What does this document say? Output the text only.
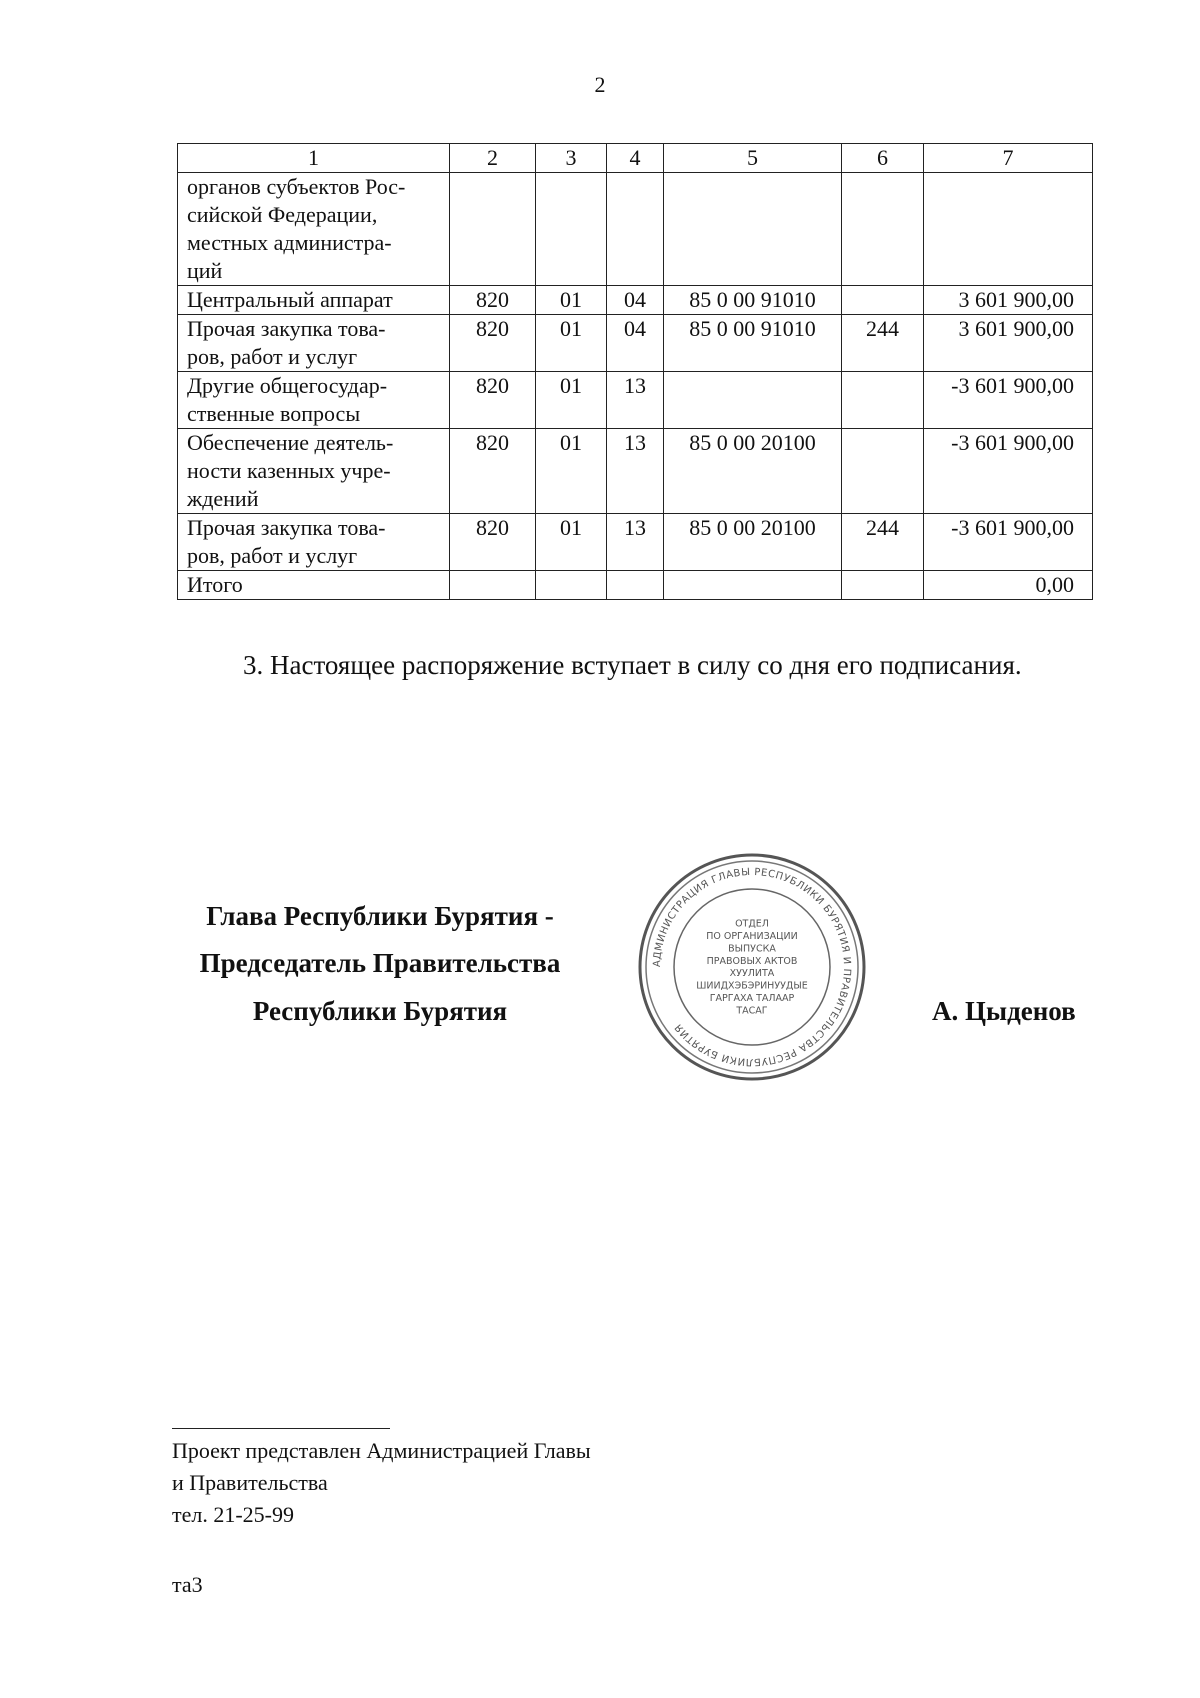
2
1	2	3	4	5	6	7
органов субъектов Рос-
сийской Федерации,
местных администра-
ций						
Центральный аппарат	820	01	04	85 0 00 91010		3 601 900,00
Прочая закупка това-
ров, работ и услуг	820	01	04	85 0 00 91010	244	3 601 900,00
Другие общегосудар-
ственные вопросы	820	01	13			-3 601 900,00
Обеспечение деятель-
ности казенных учре-
ждений	820	01	13	85 0 00 20100		-3 601 900,00
Прочая закупка това-
ров, работ и услуг	820	01	13	85 0 00 20100	244	-3 601 900,00
Итого						0,00
3. Настоящее распоряжение вступает в силу со дня его подписания.
Глава Республики Бурятия -
Председатель Правительства
Республики Бурятия
АДМИНИСТРАЦИЯ ГЛАВЫ РЕСПУБЛИКИ БУРЯТИЯ И ПРАВИТЕЛЬСТВА РЕСПУБЛИКИ БУРЯТИЯ
ОТДЕЛ
ПО ОРГАНИЗАЦИИ
ВЫПУСКА
ПРАВОВЫХ АКТОВ
ХУУЛИТА
ШИИДХЭБЭРИНУУДЫЕ
ГАРГАХА ТАЛААР
ТАСАГ	А. Цыденов
Проект представлен Администрацией Главы
и Правительства
тел. 21-25-99
та3
